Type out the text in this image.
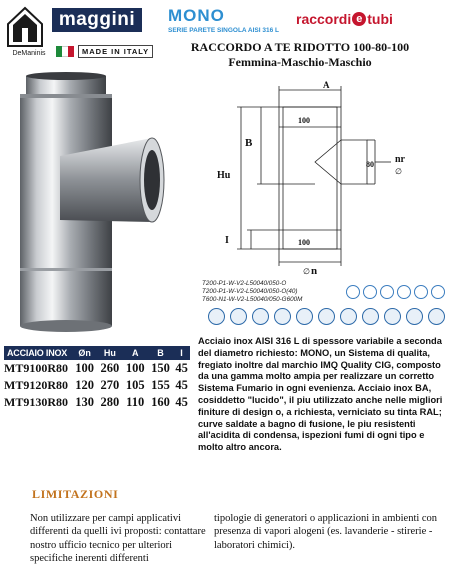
DeManinis
maggini
MADE IN ITALY
MONO
SERIE PARETE SINGOLA AISI 316 L
raccordi e tubi
RACCORDO A TE RIDOTTO 100-80-100
Femmina-Maschio-Maschio
A
B
Hu
I
nr
n
100
80
100
∅
∅
T200-P1-W-V2-L50040/050-O
T200-P1-W-V2-L50040/050-O(40)
T600-N1-W-V2-L50040/050-G600M
ACCIAIO INOX	Øn	Hu	A	B	I
MT9100R80	100	260	100	150	45
MT9120R80	120	270	105	155	45
MT9130R80	130	280	110	160	45
Acciaio inox AISI 316 L di spessore variabile a seconda del diametro richiesto: MONO, un Sistema di qualita, fregiato inoltre dal marchio IMQ Quality CIG, composto da una gamma molto ampia per realizzare un corretto Sistema Fumario in ogni evenienza. Acciaio inox BA, cosiddetto "lucido", il piu utilizzato anche nelle migliori finiture di design o, a richiesta, verniciato su tinta RAL; curve saldate a bagno di fusione, le piu resistenti all'acidita di condensa, ispezioni fumi di ogni tipo e molto altro ancora.
LIMITAZIONI
Non utilizzare per campi applicativi differenti da quelli ivi proposti: contattare nostro ufficio tecnico per ulteriori specifiche inerenti differenti
tipologie di generatori o applicazioni in ambienti con presenza di vapori alogeni (es. lavanderie - stirerie - laboratori chimici).
